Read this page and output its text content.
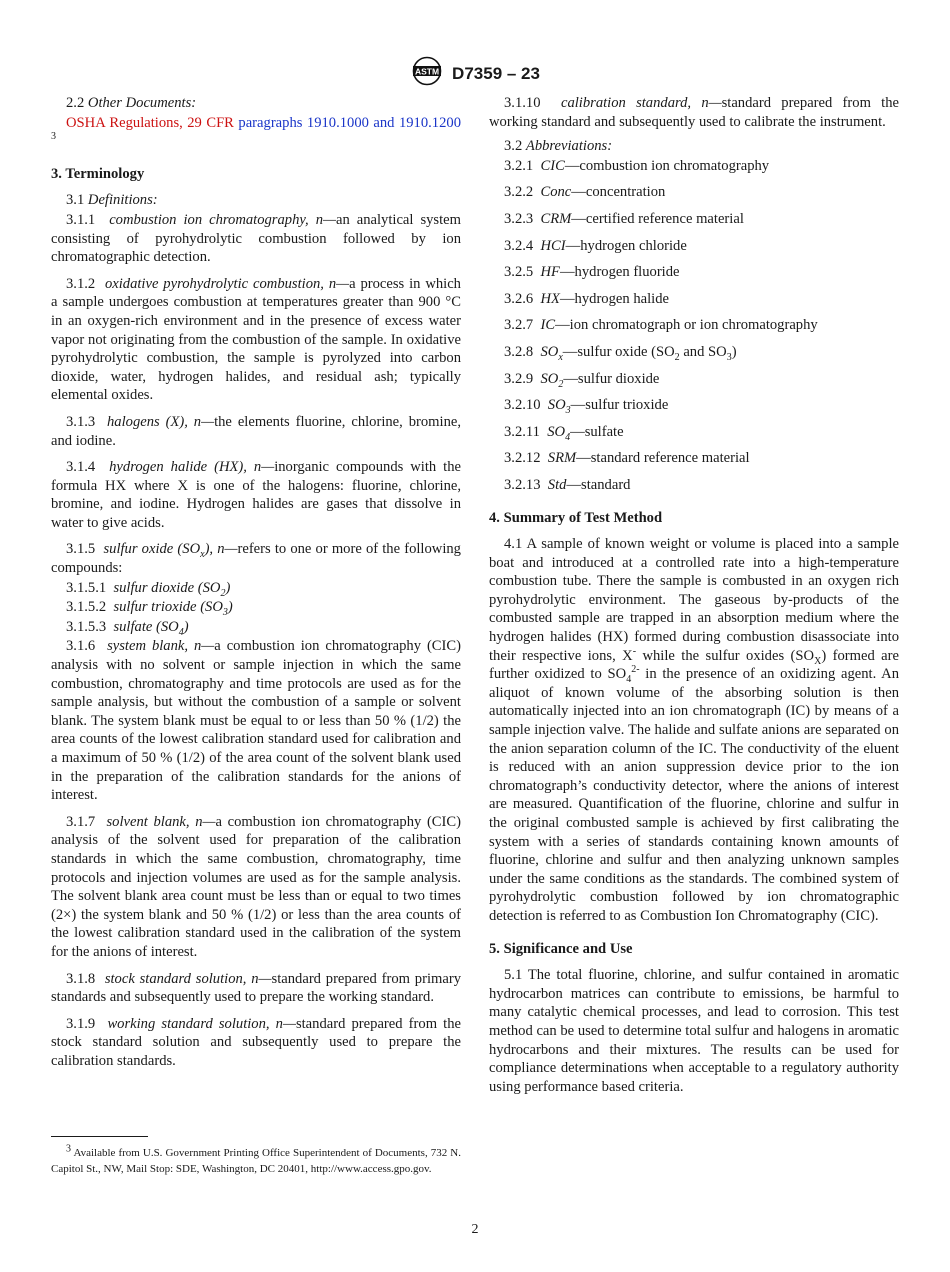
ASTM D7359 – 23

2.2 Other Documents:

OSHA Regulations, 29 CFR paragraphs 1910.1000 and 1910.1200 $^3$

3. Terminology

3.1 Definitions:

3.1.1 combustion ion chromatography, n—an analytical system consisting of pyrohydrolytic combustion followed by ion chromatographic detection.

3.1.2 oxidative pyrohydrolytic combustion, n—a process in which a sample undergoes combustion at temperatures greater than 900 °C in an oxygen-rich environment and in the presence of excess water vapor not originating from the combustion of the sample. In oxidative pyrohydrolytic combustion, the sample is pyrolyzed into carbon dioxide, water, hydrogen halides, and residual ash; typically elemental oxides.

3.1.3 halogens (X), n—the elements fluorine, chlorine, bromine, and iodine.

3.1.4 hydrogen halide (HX), n—inorganic compounds with the formula HX where X is one of the halogens: fluorine, chlorine, bromine, and iodine. Hydrogen halides are gases that dissolve in water to give acids.

3.1.5 sulfur oxide $(SO_x)$, n—refers to one or more of the following compounds:

3.1.5.1 sulfur dioxide $(SO_2)$
3.1.5.2 sulfur trioxide $(SO_3)$
3.1.5.3 sulfate $(SO_4)$

3.1.6 system blank, n—a combustion ion chromatography (CIC) analysis with no solvent or sample injection in which the same combustion, chromatography and time protocols are used as for the sample analysis, but without the combustion of a sample or solvent blank. The system blank must be equal to or less than 50 % (1/2) the area counts of the lowest calibration standard used for calibration and a maximum of 50 % (1/2) of the area count of the solvent blank used in the preparation of the calibration standards for the anions of interest.

3.1.7 solvent blank, n—a combustion ion chromatography (CIC) analysis of the solvent used for preparation of the calibration standards in which the same combustion, chromatography, time protocols and injection volumes are used as for the sample analysis. The solvent blank area count must be less than or equal to two times (2×) the system blank and 50 % (1/2) or less than the area counts of the lowest calibration standard used in the calibration of the system for the anions of interest.

3.1.8 stock standard solution, n—standard prepared from primary standards and subsequently used to prepare the working standard.

3.1.9 working standard solution, n—standard prepared from the stock standard solution and subsequently used to prepare the calibration standards.

3.1.10 calibration standard, n—standard prepared from the working standard and subsequently used to calibrate the instrument.

3.2 Abbreviations:

3.2.1 CIC—combustion ion chromatography
3.2.2 Conc—concentration
3.2.3 CRM—certified reference material
3.2.4 HCI—hydrogen chloride
3.2.5 HF—hydrogen fluoride
3.2.6 HX—hydrogen halide
3.2.7 IC—ion chromatograph or ion chromatography
3.2.8 $SO_x—sulfur$ oxide ($SO_2$ and $SO_3$)
3.2.9 $SO_2—sulfur$ dioxide
3.2.10 $SO_3—sulfur$ trioxide
3.2.11 $SO_4—sulfate$
3.2.12 SRM—standard reference material
3.2.13 Std—standard
4. Summary of Test Method

4.1 A sample of known weight or volume is placed into a sample boat and introduced at a controlled rate into a high-temperature combustion tube. There the sample is combusted in an oxygen rich pyrohydrolytic environment. The gaseous by-products of the combusted sample are trapped in an absorption medium where the hydrogen halides (HX) formed during combustion disassociate into their respective ions, X- while the sulfur oxides $(SO_X)$ formed are further oxidized to $SO_4^{2-}$ in the presence of an oxidizing agent. An aliquot of known volume of the absorbing solution is then automatically injected into an ion chromatograph (IC) by means of a sample injection valve. The halide and sulfate anions are separated on the anion separation column of the IC. The conductivity of the eluent is reduced with an anion suppression device prior to the ion chromatograph’s conductivity detector, where the anions of interest are measured. Quantification of the fluorine, chlorine and sulfur in the original combusted sample is achieved by first calibrating the system with a series of standards containing known amounts of fluorine, chlorine and sulfur and then analyzing unknown samples under the same conditions as the standards. The combined system of pyrohydrolytic combustion followed by ion chromatographic detection is referred to as Combustion Ion Chromatography (CIC).

5. Significance and Use

5.1 The total fluorine, chlorine, and sulfur contained in aromatic hydrocarbon matrices can contribute to emissions, be harmful to many catalytic chemical processes, and lead to corrosion. This test method can be used to determine total sulfur and halogens in aromatic hydrocarbons and their mixtures. The results can be used for compliance determinations when acceptable to a regulatory authority using performance based criteria.

$^3$ Available from U.S. Government Printing Office Superintendent of Documents, 732 N. Capitol St., NW, Mail Stop: SDE, Washington, DC 20401, http://www.access.gpo.gov.
2
